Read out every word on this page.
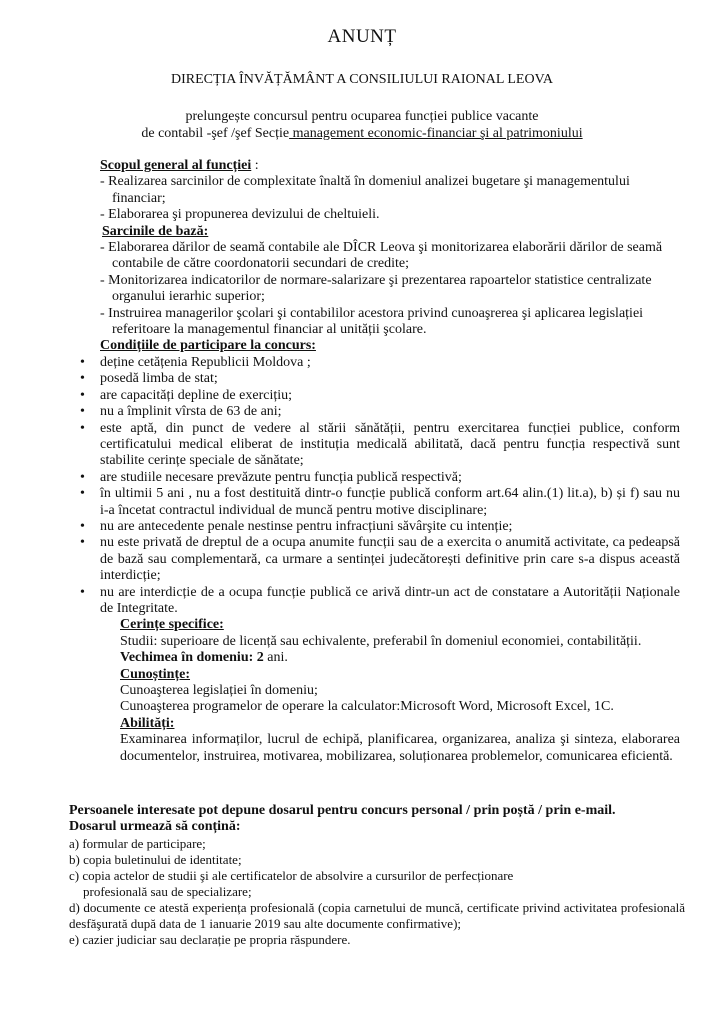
ANUNȚ
DIRECȚIA ÎNVĂȚĂMÂNT A CONSILIULUI RAIONAL LEOVA
prelungește concursul pentru ocuparea funcției publice vacante
de contabil -şef /şef Secție management economic-financiar şi al patrimoniului
Scopul general al funcției :
- Realizarea sarcinilor de complexitate înaltă în domeniul analizei bugetare şi managementului financiar;
- Elaborarea şi propunerea devizului de cheltuieli.
Sarcinile de bază:
- Elaborarea dărilor de seamă contabile ale DÎCR Leova şi monitorizarea elaborării dărilor de seamă contabile de către coordonatorii secundari de credite;
- Monitorizarea indicatorilor de normare-salarizare şi prezentarea rapoartelor statistice centralizate organului ierarhic superior;
- Instruirea managerilor şcolari şi contabililor acestora privind cunoaşrerea şi aplicarea legislației referitoare la managementul financiar al unității şcolare.
Condițiile de participare la concurs:
• deține cetățenia Republicii Moldova ;
• posedă limba de stat;
• are capacități depline de exercițiu;
• nu a împlinit vîrsta de 63 de ani;
• este aptă, din punct de vedere al stării sănătății, pentru exercitarea funcției publice, conform certificatului medical eliberat de instituția medicală abilitată, dacă pentru funcția respectivă sunt stabilite cerințe speciale de sănătate;
• are studiile necesare prevăzute pentru funcția publică respectivă;
• în ultimii 5 ani , nu a fost destituită dintr-o funcție publică conform art.64 alin.(1) lit.a), b) și f) sau nu i-a încetat contractul individual de muncă pentru motive disciplinare;
• nu are antecedente penale nestinse pentru infracțiuni săvârşite cu intenție;
• nu este privată de dreptul de a ocupa anumite funcții sau de a exercita o anumită activitate, ca pedeapsă de bază sau complementară, ca urmare a sentinței judecătorești definitive prin care s-a dispus această interdicție;
• nu are interdicție de a ocupa funcție publică ce arivă dintr-un act de constatare a Autorității Naționale de Integritate.
Cerințe specifice:
Studii: superioare de licență sau echivalente, preferabil în domeniul economiei, contabilității.
Vechimea în domeniu: 2 ani.
Cunoștințe:
Cunoaşterea legislației în domeniu;
Cunoaşterea programelor de operare la calculator:Microsoft Word, Microsoft Excel, 1C.
Abilități:
Examinarea informaților, lucrul de echipă, planificarea, organizarea, analiza şi sinteza, elaborarea documentelor, instruirea, motivarea, mobilizarea, soluționarea problemelor, comunicarea eficientă.
Persoanele interesate pot depune dosarul pentru concurs personal / prin poștă / prin e-mail.
Dosarul urmează să conțină:
a) formular de participare;
b) copia buletinului de identitate;
c) copia actelor de studii şi ale certificatelor de absolvire a cursurilor de perfecționare
profesională sau de specializare;
d) documente ce atestă experiența profesională (copia carnetului de muncă, certificate privind activitatea profesională desfăşurată după data de 1 ianuarie 2019 sau alte documente confirmative);
e) cazier judiciar sau declarație pe propria răspundere.
